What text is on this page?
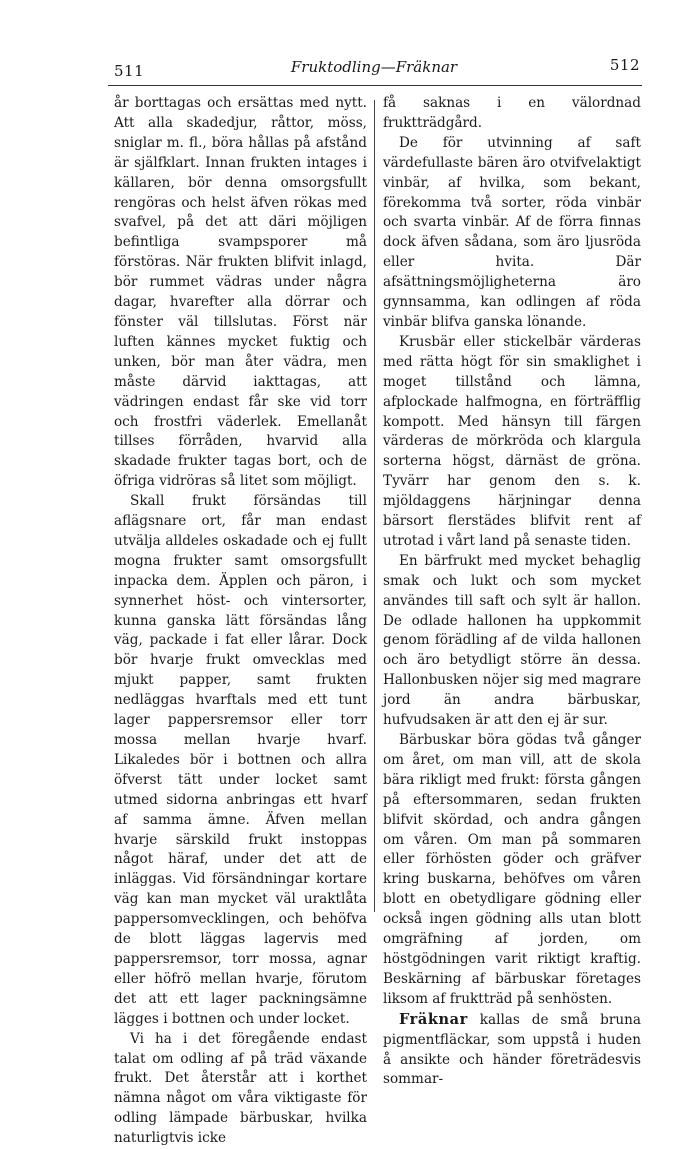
511	Fruktodling—Fräknar	512

år borttagas och ersättas med nytt. Att alla skadedjur, råttor, möss, sniglar m. fl., böra hållas på afstånd är själfklart. Innan frukten intages i källaren, bör denna omsorgsfullt rengöras och helst äfven rökas med svafvel, på det att däri möjligen befintliga svampsporer må förstöras. När frukten blifvit inlagd, bör rummet vädras under några dagar, hvarefter alla dörrar och fönster väl tillslutas. Först när luften kännes mycket fuktig och unken, bör man åter vädra, men måste därvid iakttagas, att vädringen endast får ske vid torr och frostfri väderlek. Emellanåt tillses förråden, hvarvid alla skadade frukter tagas bort, och de öfriga vidröras så litet som möjligt.

Skall frukt försändas till aflägsnare ort, får man endast utvälja alldeles oskadade och ej fullt mogna frukter samt omsorgsfullt inpacka dem. Äpplen och päron, i synnerhet höst- och vintersorter, kunna ganska lätt försändas lång väg, packade i fat eller lårar. Dock bör hvarje frukt omvecklas med mjukt papper, samt frukten nedläggas hvarftals med ett tunt lager pappersremsor eller torr mossa mellan hvarje hvarf. Likaledes bör i bottnen och allra öfverst tätt under locket samt utmed sidorna anbringas ett hvarf af samma ämne. Äfven mellan hvarje särskild frukt instoppas något häraf, under det att de inläggas. Vid försändningar kortare väg kan man mycket väl uraktlåta pappersomvecklingen, och behöfva de blott läggas lagervis med pappersremsor, torr mossa, agnar eller höfrö mellan hvarje, förutom det att ett lager packningsämne lägges i bottnen och under locket.

Vi ha i det föregående endast talat om odling af på träd växande frukt. Det återstår att i korthet nämna något om våra viktigaste för odling lämpade bärbuskar, hvilka naturligtvis icke

få saknas i en välordnad fruktträdgård.

De för utvinning af saft värdefullaste bären äro otvifvelaktigt vinbär, af hvilka, som bekant, förekomma två sorter, röda vinbär och svarta vinbär. Af de förra finnas dock äfven sådana, som äro ljusröda eller hvita. Där afsättningsmöjligheterna äro gynnsamma, kan odlingen af röda vinbär blifva ganska lönande.

Krusbär eller stickelbär värderas med rätta högt för sin smaklighet i moget tillstånd och lämna, afplockade halfmogna, en förträfflig kompott. Med hänsyn till färgen värderas de mörkröda och klargula sorterna högst, därnäst de gröna. Tyvärr har genom den s. k. mjöldaggens härjningar denna bärsort flerstädes blifvit rent af utrotad i vårt land på senaste tiden.

En bärfrukt med mycket behaglig smak och lukt och som mycket användes till saft och sylt är hallon. De odlade hallonen ha uppkommit genom förädling af de vilda hallonen och äro betydligt större än dessa. Hallonbusken nöjer sig med magrare jord än andra bärbuskar, hufvudsaken är att den ej är sur.

Bärbuskar böra gödas två gånger om året, om man vill, att de skola bära rikligt med frukt: första gången på eftersommaren, sedan frukten blifvit skördad, och andra gången om våren. Om man på sommaren eller förhösten göder och gräfver kring buskarna, behöfves om våren blott en obetydligare gödning eller också ingen gödning alls utan blott omgräfning af jorden, om höstgödningen varit riktigt kraftig. Beskärning af bärbuskar företages liksom af fruktträd på senhösten.

Fräknar kallas de små bruna pigmentfläckar, som uppstå i huden å ansikte och händer företrädesvis sommar-
